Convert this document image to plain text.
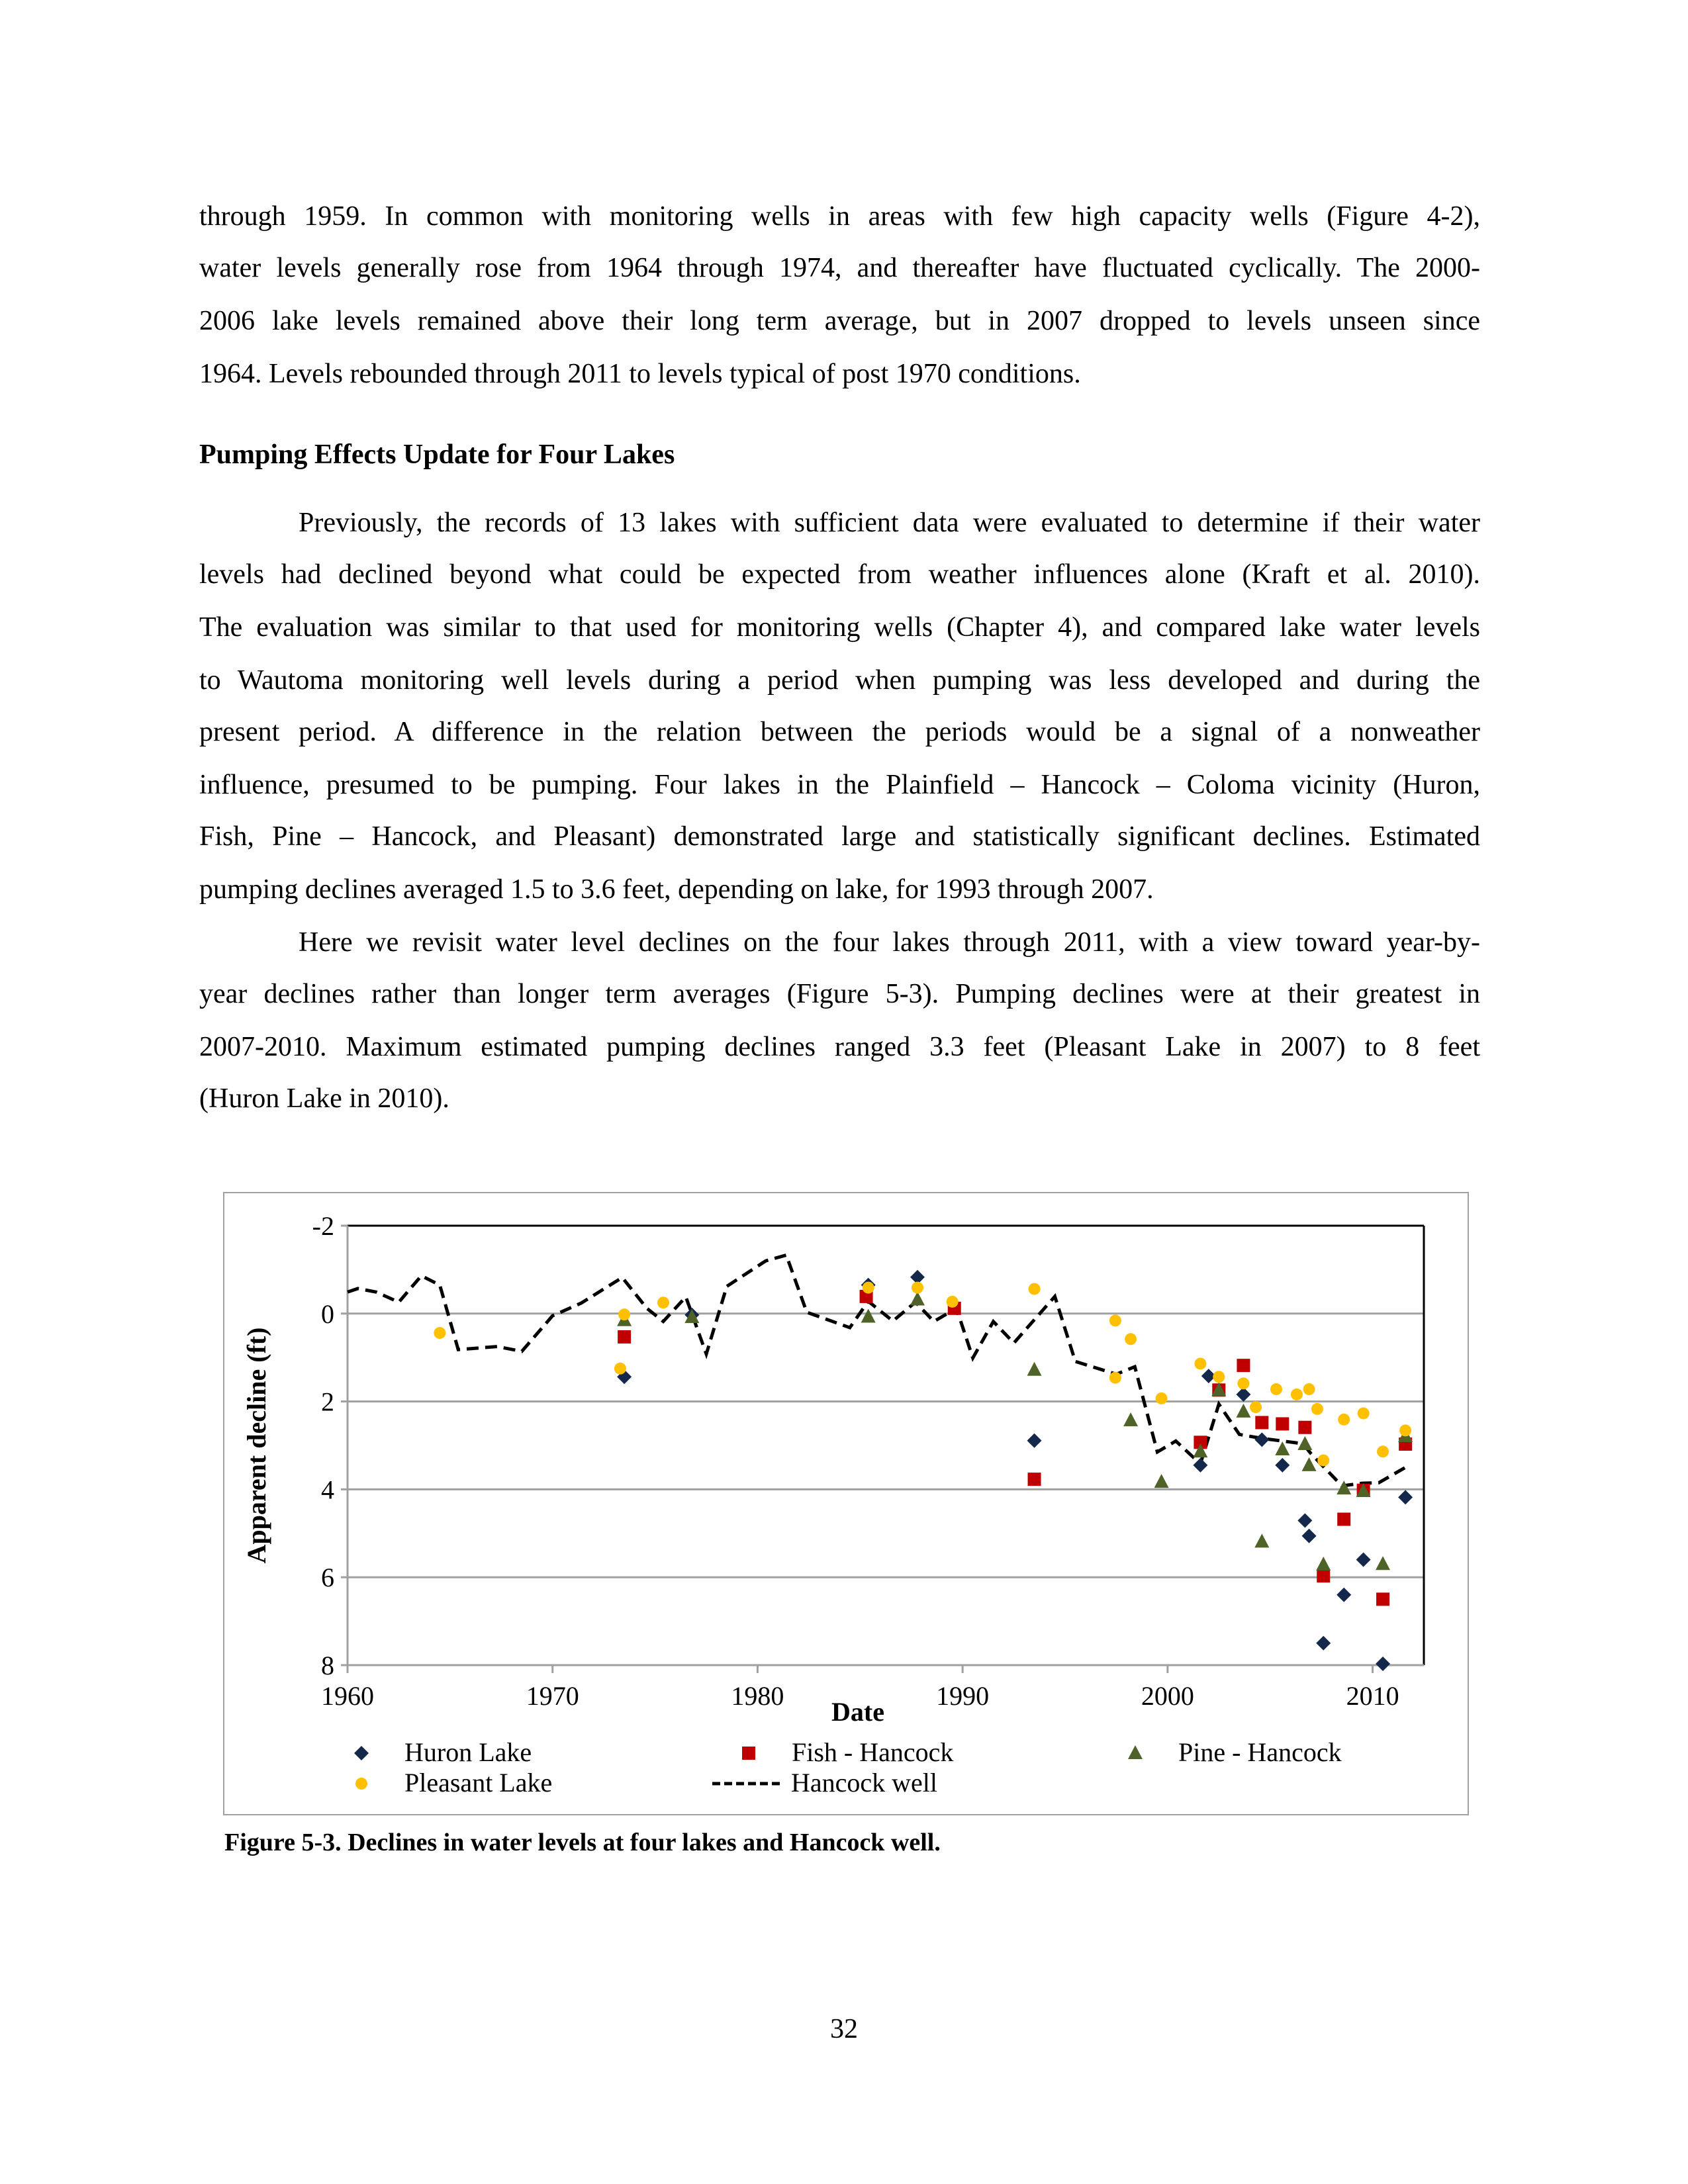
through 1959. In common with monitoring wells in areas with few high capacity wells (Figure 4-2),
water levels generally rose from 1964 through 1974, and thereafter have fluctuated cyclically. The 2000-
2006 lake levels remained above their long term average, but in 2007 dropped to levels unseen since
1964. Levels rebounded through 2011 to levels typical of post 1970 conditions.
Pumping Effects Update for Four Lakes
Previously, the records of 13 lakes with sufficient data were evaluated to determine if their water
levels had declined beyond what could be expected from weather influences alone (Kraft et al. 2010).
The evaluation was similar to that used for monitoring wells (Chapter 4), and compared lake water levels
to Wautoma monitoring well levels during a period when pumping was less developed and during the
present period. A difference in the relation between the periods would be a signal of a nonweather
influence, presumed to be pumping. Four lakes in the Plainfield – Hancock – Coloma vicinity (Huron,
Fish, Pine – Hancock, and Pleasant) demonstrated large and statistically significant declines. Estimated
pumping declines averaged 1.5 to 3.6 feet, depending on lake, for 1993 through 2007.
Here we revisit water level declines on the four lakes through 2011, with a view toward year-by-
year declines rather than longer term averages (Figure 5-3). Pumping declines were at their greatest in
2007-2010. Maximum estimated pumping declines ranged 3.3 feet (Pleasant Lake in 2007) to 8 feet
(Huron Lake in 2010).
-2
0
2
4
6
8
1960	1970	1980	1990	2000	2010
Date
Apparent decline (ft)
Huron Lake	Fish - Hancock	Pine - Hancock
Pleasant Lake	Hancock well
Figure 5-3. Declines in water levels at four lakes and Hancock well.
32
